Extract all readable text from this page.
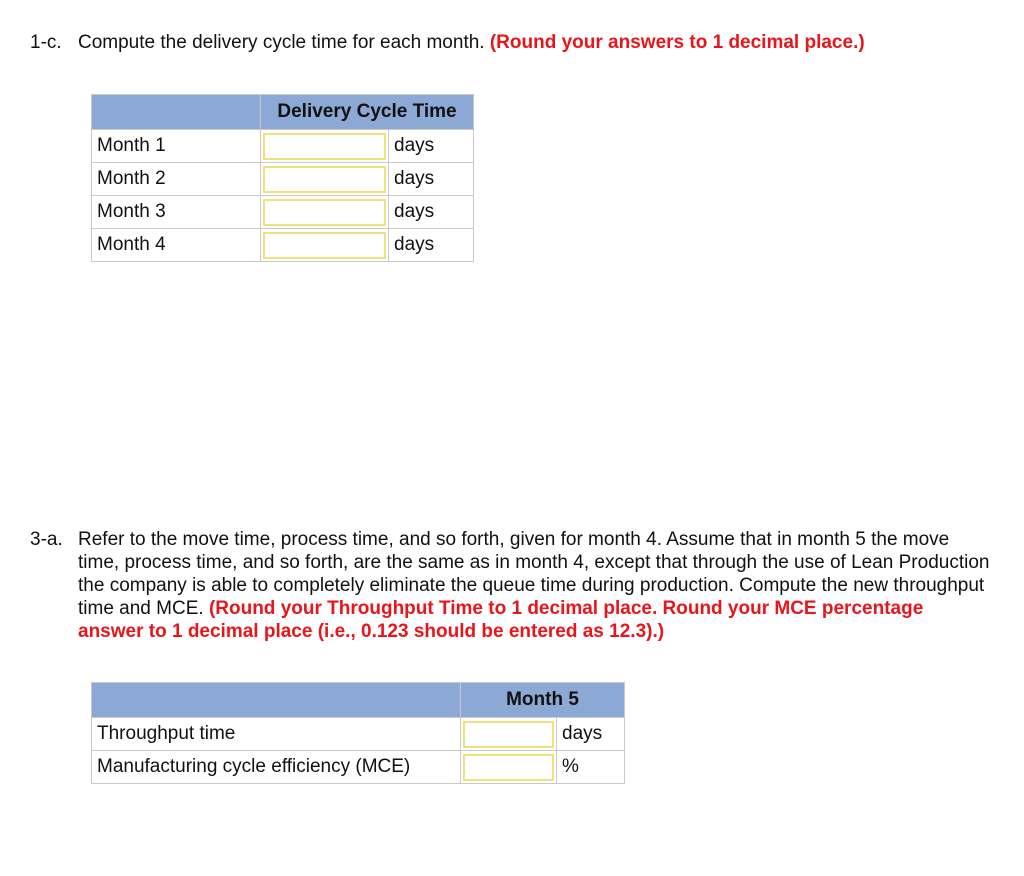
1-c. Compute the delivery cycle time for each month. (Round your answers to 1 decimal place.)
	Delivery Cycle Time	
Month 1		days
Month 2		days
Month 3		days
Month 4		days
3-a. Refer to the move time, process time, and so forth, given for month 4. Assume that in month 5 the move time, process time, and so forth, are the same as in month 4, except that through the use of Lean Production the company is able to completely eliminate the queue time during production. Compute the new throughput time and MCE. (Round your Throughput Time to 1 decimal place. Round your MCE percentage answer to 1 decimal place (i.e., 0.123 should be entered as 12.3).)
	Month 5	
Throughput time		days
Manufacturing cycle efficiency (MCE)		%
